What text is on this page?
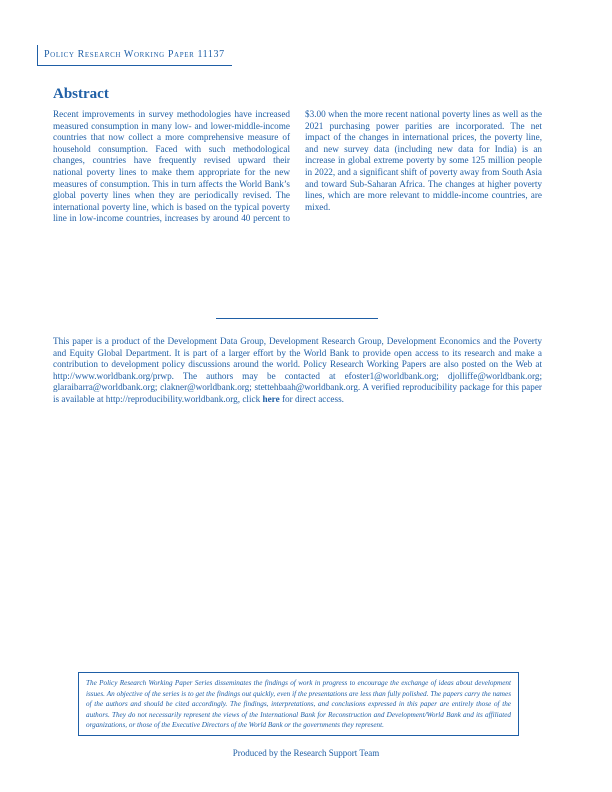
Policy Research Working Paper 11137
Abstract

Recent improvements in survey methodologies have increased measured consumption in many low- and lower-middle-income countries that now collect a more comprehensive measure of household consumption. Faced with such methodological changes, countries have frequently revised upward their national poverty lines to make them appropriate for the new measures of consumption. This in turn affects the World Bank’s global poverty lines when they are periodically revised. The international poverty line, which is based on the typical poverty line in low-income countries, increases by around 40 percent to $3.00 when the more recent national poverty lines as well as the 2021 purchasing power parities are incorporated. The net impact of the changes in international prices, the poverty line, and new survey data (including new data for India) is an increase in global extreme poverty by some 125 million people in 2022, and a significant shift of poverty away from South Asia and toward Sub-Saharan Africa. The changes at higher poverty lines, which are more relevant to middle-income countries, are mixed.

This paper is a product of the Development Data Group, Development Research Group, Development Economics and the Poverty and Equity Global Department. It is part of a larger effort by the World Bank to provide open access to its research and make a contribution to development policy discussions around the world. Policy Research Working Papers are also posted on the Web at http://www.worldbank.org/prwp. The authors may be contacted at efoster1@worldbank.org; djolliffe@worldbank.org; glaraibarra@worldbank.org; clakner@worldbank.org; stettehbaah@worldbank.org. A verified reproducibility package for this paper is available at http://reproducibility.worldbank.org, click here for direct access.

The Policy Research Working Paper Series disseminates the findings of work in progress to encourage the exchange of ideas about development issues. An objective of the series is to get the findings out quickly, even if the presentations are less than fully polished. The papers carry the names of the authors and should be cited accordingly. The findings, interpretations, and conclusions expressed in this paper are entirely those of the authors. They do not necessarily represent the views of the International Bank for Reconstruction and Development/World Bank and its affiliated organizations, or those of the Executive Directors of the World Bank or the governments they represent.

Produced by the Research Support Team
